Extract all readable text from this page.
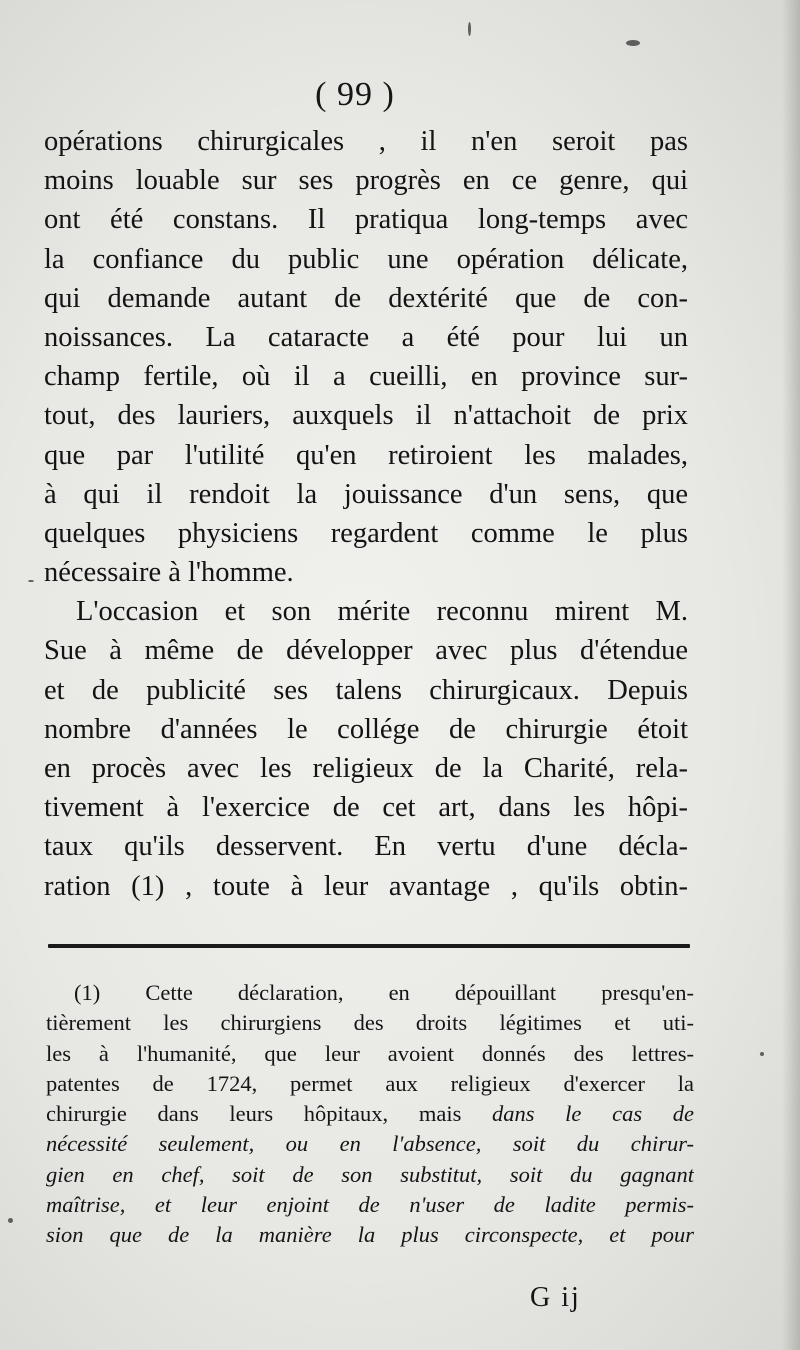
( 99 )
opérations chirurgicales , il n'en seroit pas
moins louable sur ses progrès en ce genre, qui
ont été constans. Il pratiqua long-temps avec
la confiance du public une opération délicate,
qui demande autant de dextérité que de con-
noissances. La cataracte a été pour lui un
champ fertile, où il a cueilli, en province sur-
tout, des lauriers, auxquels il n'attachoit de prix
que par l'utilité qu'en retiroient les malades,
à qui il rendoit la jouissance d'un sens, que
quelques physiciens regardent comme le plus
nécessaire à l'homme.
L'occasion et son mérite reconnu mirent M.
Sue à même de développer avec plus d'étendue
et de publicité ses talens chirurgicaux. Depuis
nombre d'années le collége de chirurgie étoit
en procès avec les religieux de la Charité, rela-
tivement à l'exercice de cet art, dans les hôpi-
taux qu'ils desservent. En vertu d'une décla-
ration (1) , toute à leur avantage , qu'ils obtin-
(1) Cette déclaration, en dépouillant presqu'en-
tièrement les chirurgiens des droits légitimes et uti-
les à l'humanité, que leur avoient donnés des lettres-
patentes de 1724, permet aux religieux d'exercer la
chirurgie dans leurs hôpitaux, mais dans le cas de
nécessité seulement, ou en l'absence, soit du chirur-
gien en chef, soit de son substitut, soit du gagnant
maîtrise, et leur enjoint de n'user de ladite permis-
sion que de la manière la plus circonspecte, et pour
G ij
